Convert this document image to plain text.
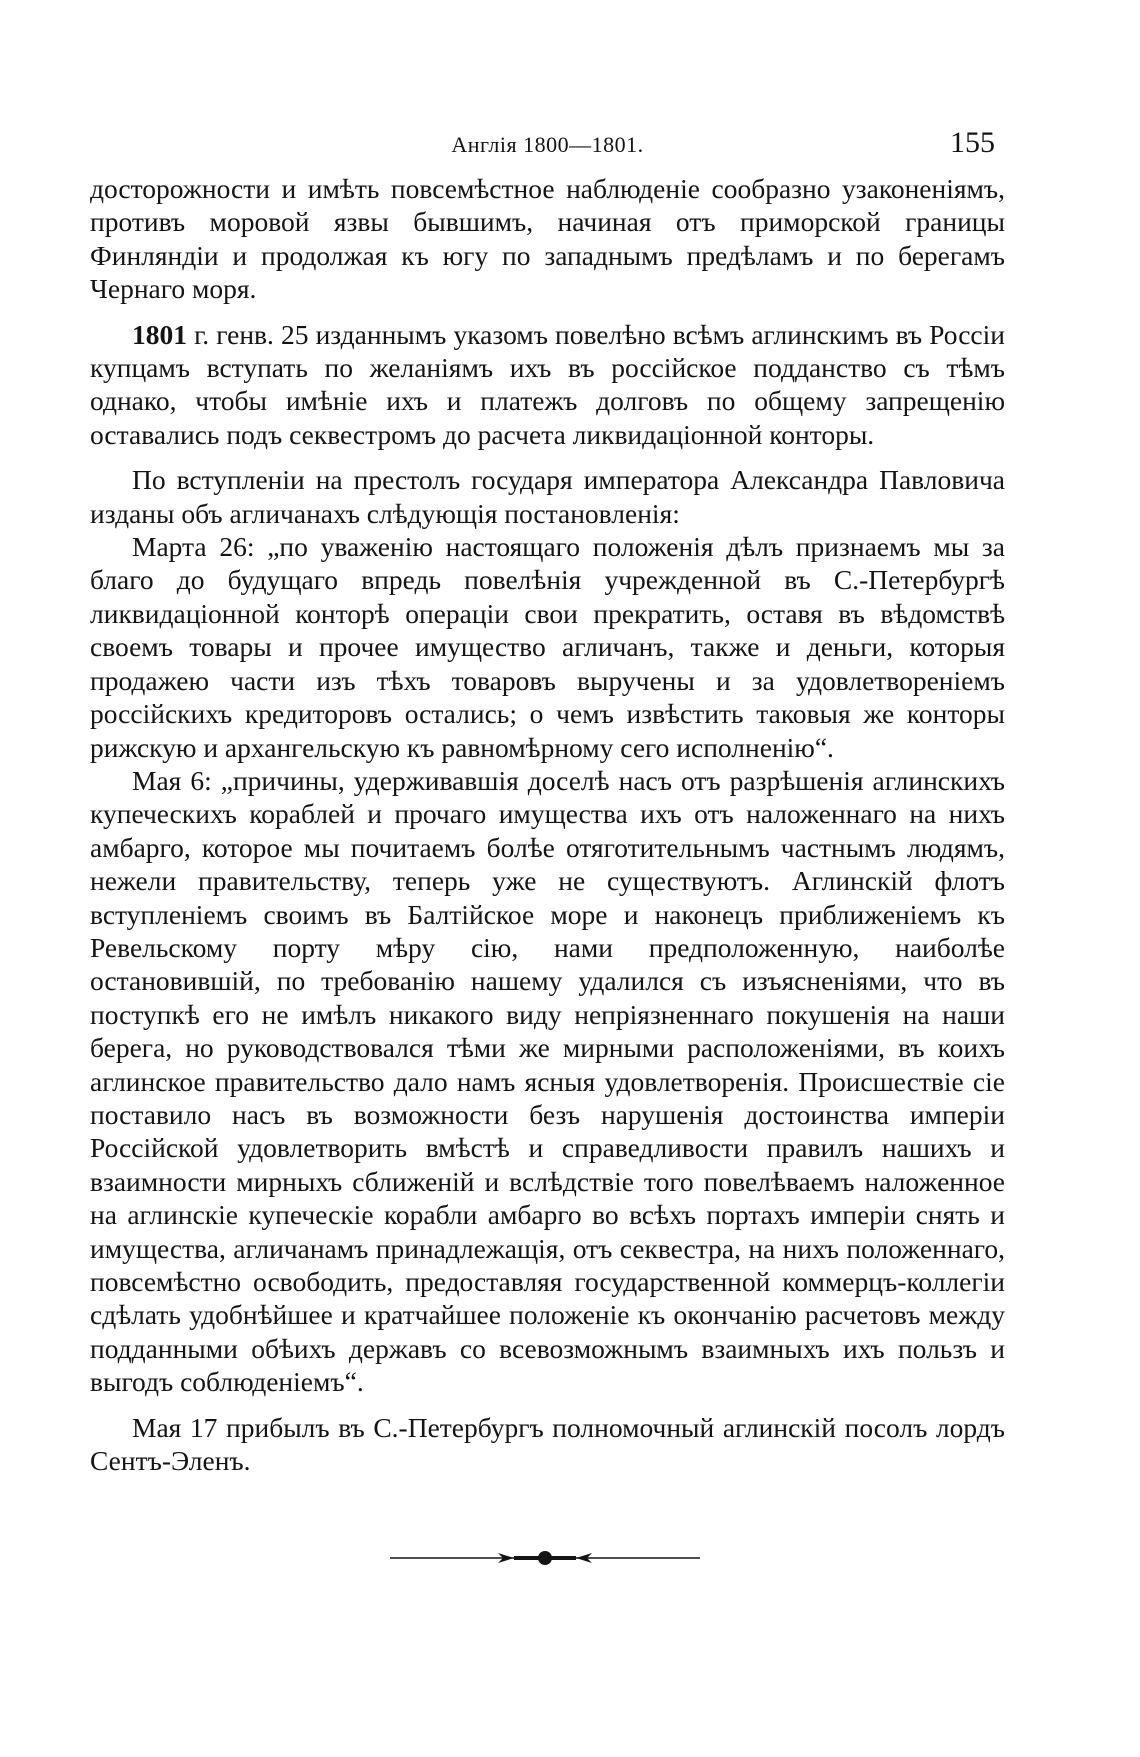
Англія 1800—1801.	155

досторожности и имѣть повсемѣстное наблюденіе сообразно узаконеніямъ, противъ моровой язвы бывшимъ, начиная отъ приморской границы Финляндіи и продолжая къ югу по западнымъ предѣламъ и по берегамъ Чернаго моря.

1801 г. генв. 25 изданнымъ указомъ повелѣно всѣмъ аглинскимъ въ Россіи купцамъ вступать по желаніямъ ихъ въ россійское подданство съ тѣмъ однако, чтобы имѣніе ихъ и платежъ долговъ по общему запрещенію оставались подъ секвестромъ до расчета ликвидаціонной конторы.

По вступленіи на престолъ государя императора Александра Павловича изданы объ агличанахъ слѣдующія постановленія:

Марта 26: „по уваженію настоящаго положенія дѣлъ признаемъ мы за благо до будущаго впредь повелѣнія учрежденной въ С.-Петербургѣ ликвидаціонной конторѣ операціи свои прекратить, оставя въ вѣдомствѣ своемъ товары и прочее имущество агличанъ, также и деньги, которыя продажею части изъ тѣхъ товаровъ выручены и за удовлетвореніемъ россійскихъ кредиторовъ остались; о чемъ извѣстить таковыя же конторы рижскую и архангельскую къ равномѣрному сего исполненію“.

Мая 6: „причины, удерживавшія доселѣ насъ отъ разрѣшенія аглинскихъ купеческихъ кораблей и прочаго имущества ихъ отъ наложеннаго на нихъ амбарго, которое мы почитаемъ болѣе отяготительнымъ частнымъ людямъ, нежели правительству, теперь уже не существуютъ. Аглинскій флотъ вступленіемъ своимъ въ Балтійское море и наконецъ приближеніемъ къ Ревельскому порту мѣру сію, нами предположенную, наиболѣе остановившій, по требованію нашему удалился съ изъясненіями, что въ поступкѣ его не имѣлъ никакого виду непріязненнаго покушенія на наши берега, но руководствовался тѣми же мирными расположеніями, въ коихъ аглинское правительство дало намъ ясныя удовлетворенія. Происшествіе сіе поставило насъ въ возможности безъ нарушенія достоинства имперіи Россійской удовлетворить вмѣстѣ и справедливости правилъ нашихъ и взаимности мирныхъ сближеній и вслѣдствіе того повелѣваемъ наложенное на аглинскіе купеческіе корабли амбарго во всѣхъ портахъ имперіи снять и имущества, агличанамъ принадлежащія, отъ секвестра, на нихъ положеннаго, повсемѣстно освободить, предоставляя государственной коммерцъ-коллегіи сдѣлать удобнѣйшее и кратчайшее положеніе къ окончанію расчетовъ между подданными обѣихъ державъ со всевозможнымъ взаимныхъ ихъ пользъ и выгодъ соблюденіемъ“.

Мая 17 прибылъ въ С.-Петербургъ полномочный аглинскій посолъ лордъ Сентъ-Эленъ.
